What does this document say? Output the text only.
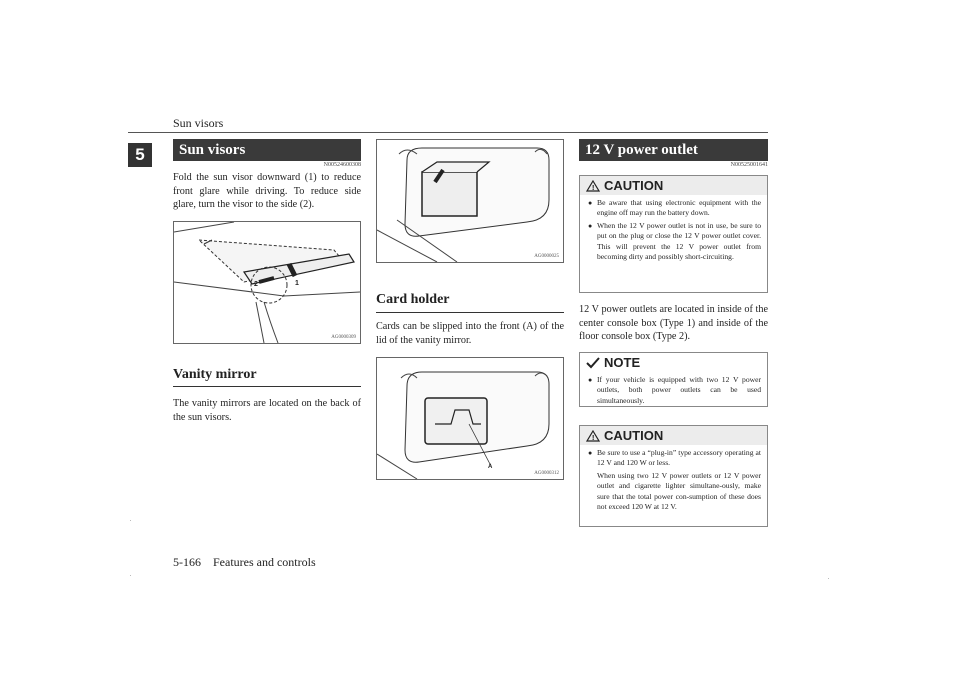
Sun visors
5	Sun visors
N00524600308
Fold the sun visor downward (1) to reduce front glare while driving. To reduce side glare, turn the visor to the side (2).
2	1
AG0000309
Vanity mirror
The vanity mirrors are located on the back of the sun visors.
AG0000025
Card holder
Cards can be slipped into the front (A) of the lid of the vanity mirror.
A
AG0000312
12 V power outlet
N00525001641
! CAUTION
● Be aware that using electronic equipment with the engine off may run the battery down.
● When the 12 V power outlet is not in use, be sure to put on the plug or close the 12 V power outlet cover. This will prevent the 12 V power outlet from becoming dirty and possibly short-circuiting.
12 V power outlets are located in inside of the center console box (Type 1) and inside of the floor console box (Type 2).
NOTE
● If your vehicle is equipped with two 12 V power outlets, both power outlets can be used simultaneously.
! CAUTION
● Be sure to use a “plug-in” type accessory operating at 12 V and 120 W or less.
When using two 12 V power outlets or 12 V power outlet and cigarette lighter simultane-ously, make sure that the total power con-sumption of these does not exceed 120 W at 12 V.
5-166    Features and controls
